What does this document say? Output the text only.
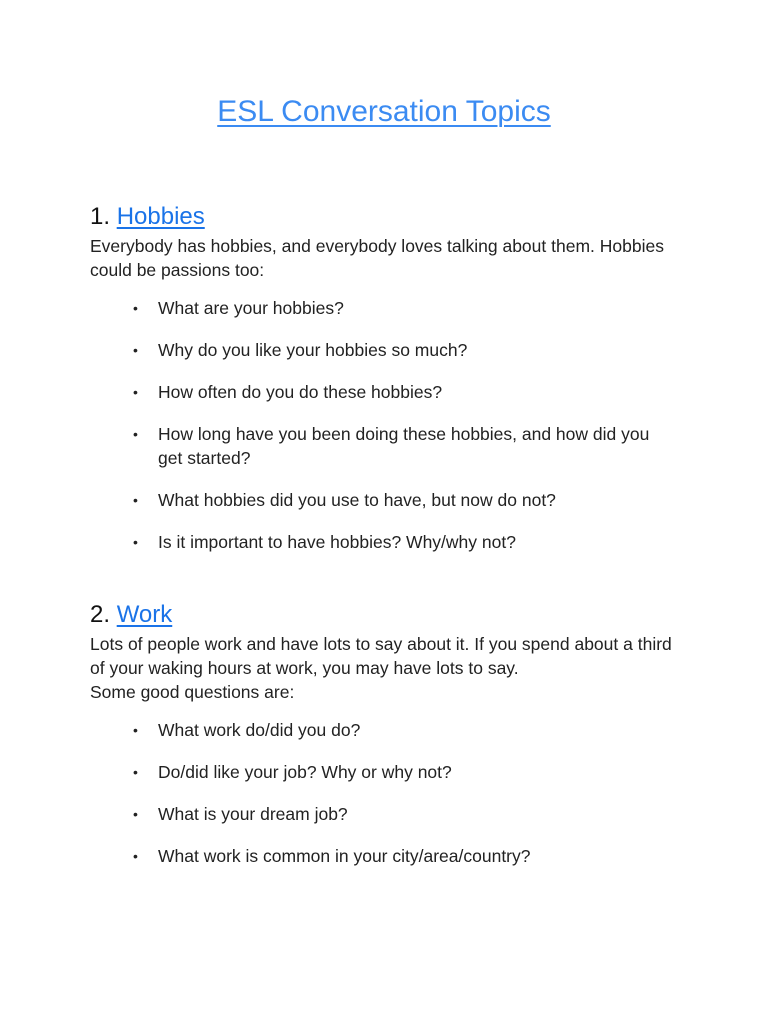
ESL Conversation Topics
1. Hobbies

Everybody has hobbies, and everybody loves talking about them. Hobbies could be passions too:

• What are your hobbies?
• Why do you like your hobbies so much?
• How often do you do these hobbies?
• How long have you been doing these hobbies, and how did you get started?
• What hobbies did you use to have, but now do not?
• Is it important to have hobbies? Why/why not?
2. Work

Lots of people work and have lots to say about it. If you spend about a third of your waking hours at work, you may have lots to say.

Some good questions are:

• What work do/did you do?
• Do/did like your job? Why or why not?
• What is your dream job?
• What work is common in your city/area/country?
